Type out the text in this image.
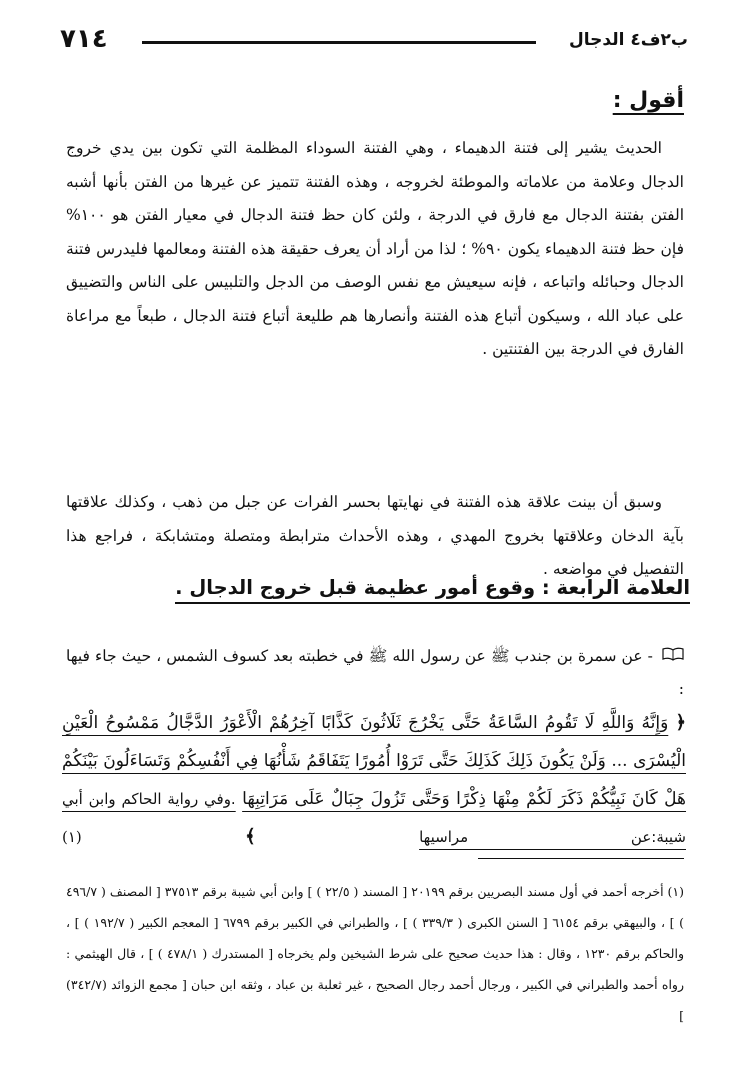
ب٢ف٤ الدجال
٧١٤
أقول :

الحديث يشير إلى فتنة الدهيماء ، وهي الفتنة السوداء المظلمة التي تكون بين يدي خروج الدجال وعلامة من علاماته والموطئة لخروجه ، وهذه الفتنة تتميز عن غيرها من الفتن بأنها أشبه الفتن بفتنة الدجال مع فارق في الدرجة ، ولئن كان حظ فتنة الدجال في معيار الفتن هو ١٠٠% فإن حظ فتنة الدهيماء يكون ٩٠% ؛ لذا من أراد أن يعرف حقيقة هذه الفتنة ومعالمها فليدرس فتنة الدجال وحبائله واتباعه ، فإنه سيعيش مع نفس الوصف من الدجل والتلبيس على الناس والتضييق على عباد الله ، وسيكون أتباع هذه الفتنة وأنصارها هم طليعة أتباع فتنة الدجال ، طبعاً مع مراعاة الفارق في الدرجة بين الفتنتين .

وسبق أن بينت علاقة هذه الفتنة في نهايتها بحسر الفرات عن جبل من ذهب ، وكذلك علاقتها بآية الدخان وعلاقتها بخروج المهدي ، وهذه الأحداث مترابطة ومتصلة ومتشابكة ، فراجع هذا التفصيل في مواضعه .

العلامة الرابعة : وقوع أمور عظيمة قبل خروج الدجال .
- عن سمرة بن جندب ﷺ عن رسول الله ﷺ في خطبته بعد كسوف الشمس ، حيث جاء فيها :
﴿ وَإِنَّهُ وَاللَّهِ لَا تَقُومُ السَّاعَةُ حَتَّى يَخْرُجَ ثَلَاثُونَ كَذَّابًا آخِرُهُمْ الْأَعْوَرُ الدَّجَّالُ مَمْسُوحُ الْعَيْنِ الْيُسْرَى ... وَلَنْ يَكُونَ ذَلِكَ كَذَلِكَ حَتَّى تَرَوْا أُمُورًا يَتَفَاقَمُ شَأْنُهَا فِي أَنْفُسِكُمْ وَتَسَاءَلُونَ بَيْنَكُمْ هَلْ كَانَ نَبِيُّكُمْ ذَكَرَ لَكُمْ مِنْهَا ذِكْرًا وَحَتَّى تَزُولَ جِبَالٌ عَلَى مَرَاتِبِهَا .وفي رواية الحاكم وابن أبي شيبة:عن مراسيها ﴾ (١)
(١) أخرجه أحمد في أول مسند البصريين برقم ٢٠١٩٩ [ المسند ( ٢٢/٥ ) ] وابن أبي شيبة برقم ٣٧٥١٣ [ المصنف ( ٤٩٦/٧ ) ] ، والبيهقي برقم ٦١٥٤ [ السنن الكبرى ( ٣٣٩/٣ ) ] ، والطبراني في الكبير برقم ٦٧٩٩ [ المعجم الكبير ( ١٩٢/٧ ) ] ، والحاكم برقم ١٢٣٠ ، وقال : هذا حديث صحيح على شرط الشيخين ولم يخرجاه [ المستدرك ( ٤٧٨/١ ) ] ، قال الهيثمي : رواه أحمد والطبراني في الكبير ، ورجال أحمد رجال الصحيح ، غير ثعلبة بن عباد ، وثقه ابن حبان [ مجمع الزوائد (٣٤٢/٧) ]
